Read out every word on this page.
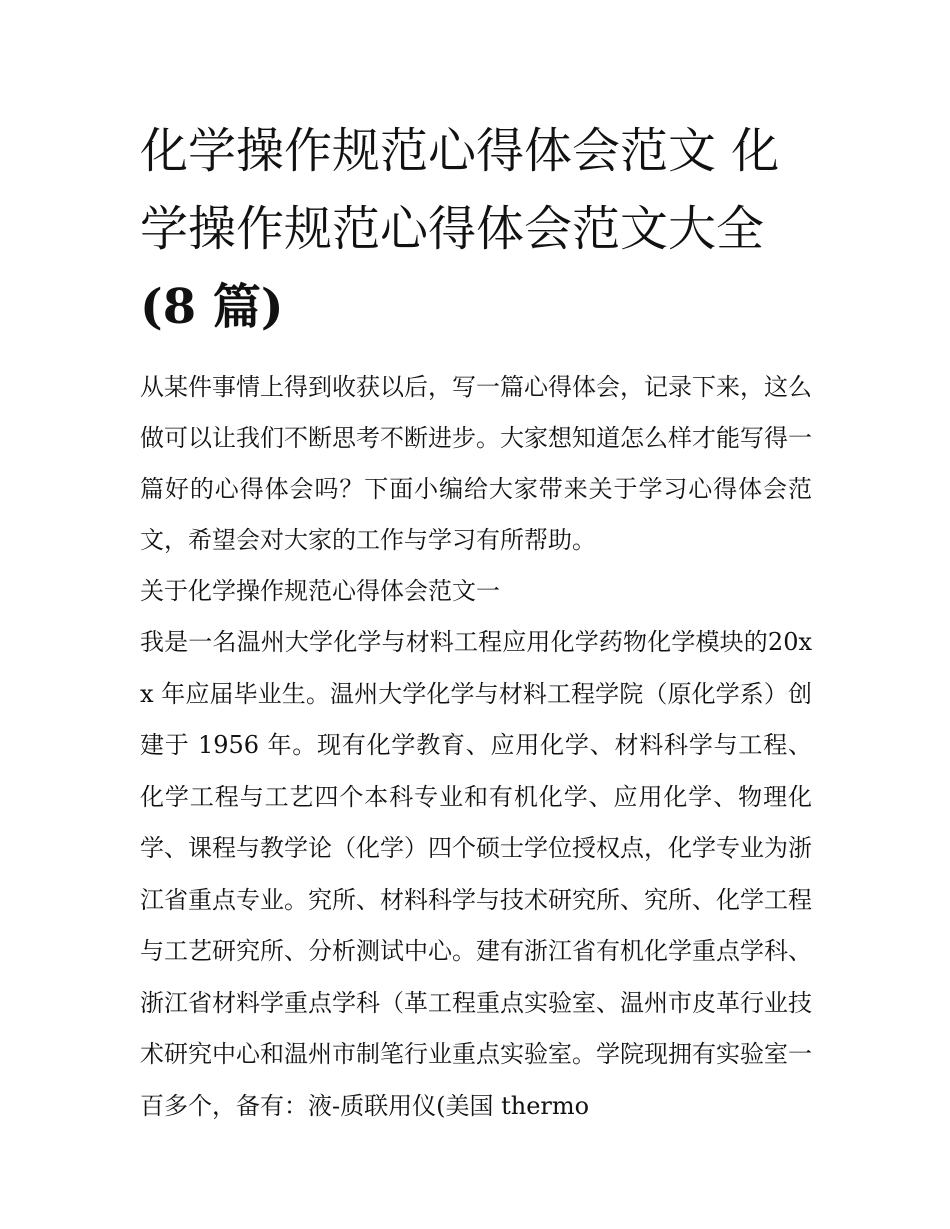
化学操作规范心得体会范文 化
学操作规范心得体会范文大全
(8 篇)

从某件事情上得到收获以后，写一篇心得体会，记录下来，这么做可以让我们不断思考不断进步。大家想知道怎么样才能写得一篇好的心得体会吗？下面小编给大家带来关于学习心得体会范文，希望会对大家的工作与学习有所帮助。

关于化学操作规范心得体会范文一

我是一名温州大学化学与材料工程应用化学药物化学模块的20xx 年应届毕业生。温州大学化学与材料工程学院（原化学系）创建于 1956 年。现有化学教育、应用化学、材料科学与工程、化学工程与工艺四个本科专业和有机化学、应用化学、物理化学、课程与教学论（化学）四个硕士学位授权点，化学专业为浙江省重点专业。究所、材料科学与技术研究所、究所、化学工程与工艺研究所、分析测试中心。建有浙江省有机化学重点学科、浙江省材料学重点学科（革工程重点实验室、温州市皮革行业技术研究中心和温州市制笔行业重点实验室。学院现拥有实验室一百多个，备有：液-质联用仪(美国 thermo
